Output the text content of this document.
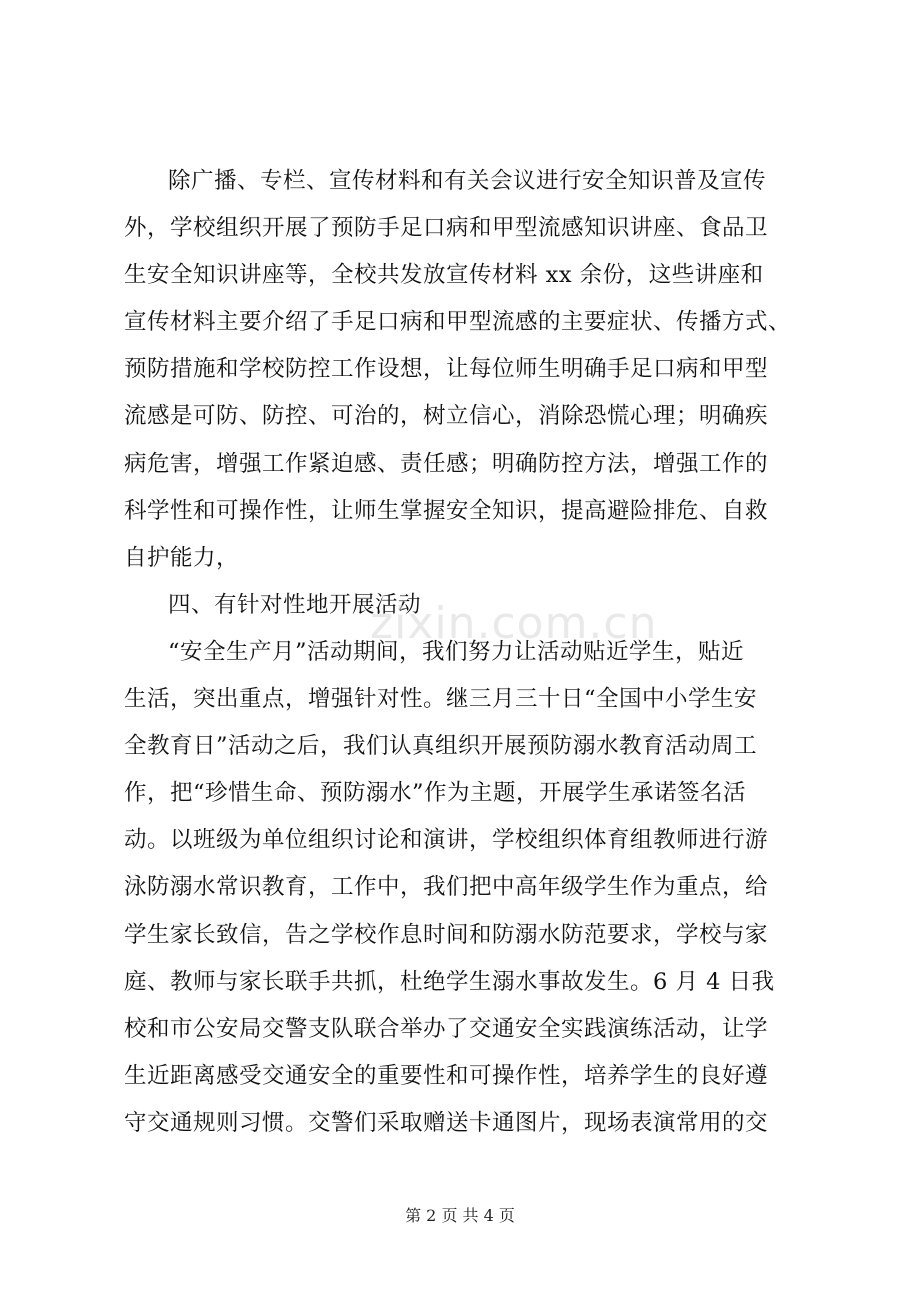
除广播、专栏、宣传材料和有关会议进行安全知识普及宣传
外，学校组织开展了预防手足口病和甲型流感知识讲座、食品卫
生安全知识讲座等，全校共发放宣传材料 xx 余份，这些讲座和
宣传材料主要介绍了手足口病和甲型流感的主要症状、传播方式、
预防措施和学校防控工作设想，让每位师生明确手足口病和甲型
流感是可防、防控、可治的，树立信心，消除恐慌心理；明确疾
病危害，增强工作紧迫感、责任感；明确防控方法，增强工作的
科学性和可操作性，让师生掌握安全知识，提高避险排危、自救
自护能力，
四、有针对性地开展活动
“安全生产月”活动期间，我们努力让活动贴近学生，贴近
生活，突出重点，增强针对性。继三月三十日“全国中小学生安
全教育日”活动之后，我们认真组织开展预防溺水教育活动周工
作，把“珍惜生命、预防溺水”作为主题，开展学生承诺签名活
动。以班级为单位组织讨论和演讲，学校组织体育组教师进行游
泳防溺水常识教育，工作中，我们把中高年级学生作为重点，给
学生家长致信，告之学校作息时间和防溺水防范要求，学校与家
庭、教师与家长联手共抓，杜绝学生溺水事故发生。6 月 4 日我
校和市公安局交警支队联合举办了交通安全实践演练活动，让学
生近距离感受交通安全的重要性和可操作性，培养学生的良好遵
守交通规则习惯。交警们采取赠送卡通图片，现场表演常用的交
zixin.com.cn
第 2 页 共 4 页
